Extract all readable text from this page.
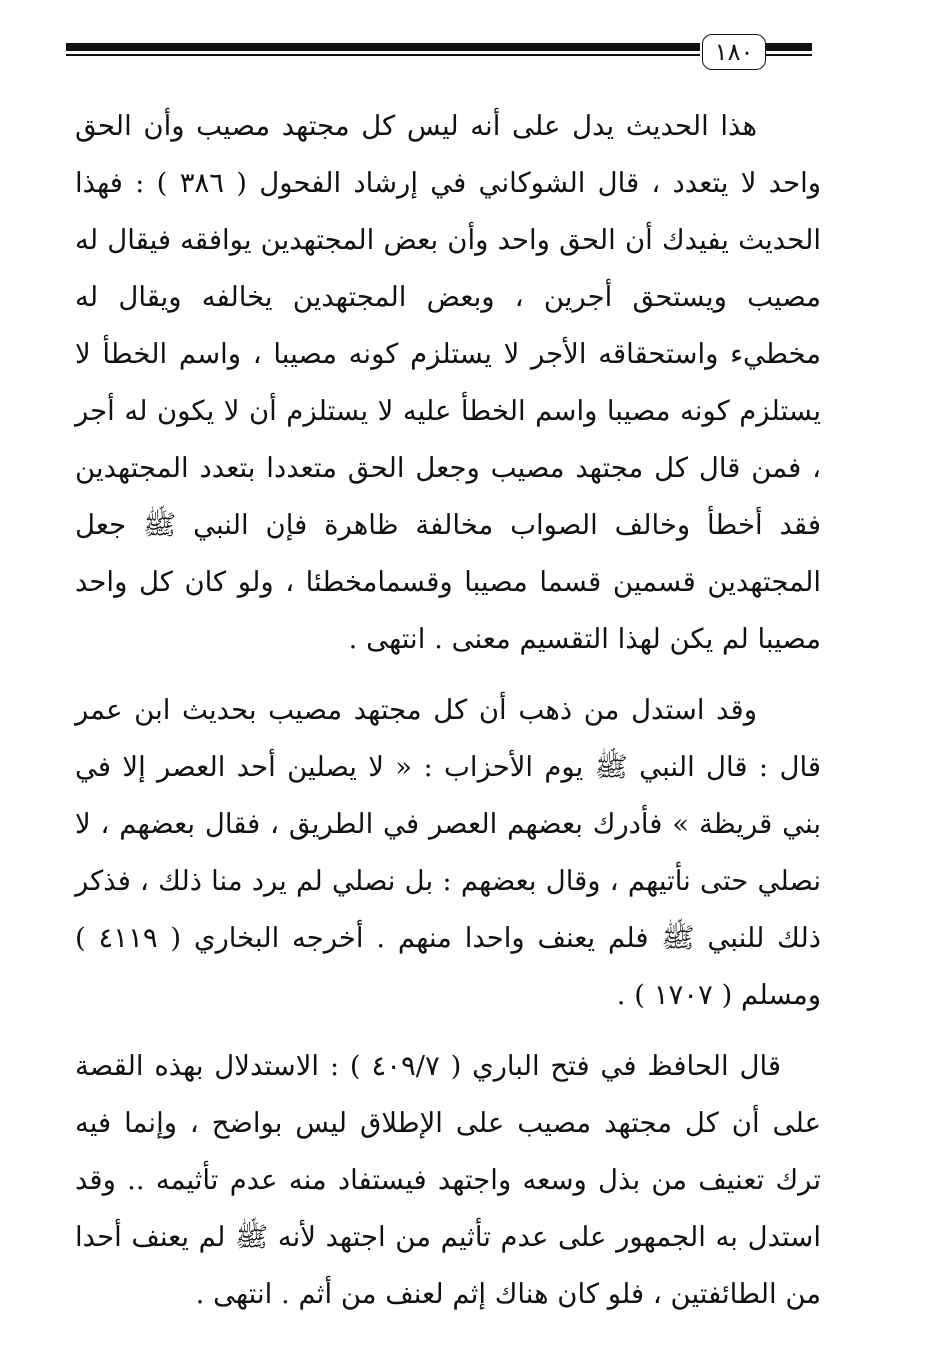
١٨٠

هذا الحديث يدل على أنه ليس كل مجتهد مصيب وأن الحق واحد لا يتعدد ، قال الشوكاني في إرشاد الفحول ( ٣٨٦ ) : فهذا الحديث يفيدك أن الحق واحد وأن بعض المجتهدين يوافقه فيقال له مصيب ويستحق أجرين ، وبعض المجتهدين يخالفه ويقال له مخطيء واستحقاقه الأجر لا يستلزم كونه مصيبا ، واسم الخطأ لا يستلزم كونه مصيبا واسم الخطأ عليه لا يستلزم أن لا يكون له أجر ، فمن قال كل مجتهد مصيب وجعل الحق متعددا بتعدد المجتهدين فقد أخطأ وخالف الصواب مخالفة ظاهرة فإن النبي ﷺ جعل المجتهدين قسمين قسما مصيبا وقسمامخطئا ، ولو كان كل واحد مصيبا لم يكن لهذا التقسيم معنى . انتهى .

وقد استدل من ذهب أن كل مجتهد مصيب بحديث ابن عمر قال : قال النبي ﷺ يوم الأحزاب : « لا يصلين أحد العصر إلا في بني قريظة » فأدرك بعضهم العصر في الطريق ، فقال بعضهم ، لا نصلي حتى نأتيهم ، وقال بعضهم : بل نصلي لم يرد منا ذلك ، فذكر ذلك للنبي ﷺ فلم يعنف واحدا منهم . أخرجه البخاري ( ٤١١٩ ) ومسلم ( ١٧٠٧ ) .

قال الحافظ في فتح الباري ( ٤٠٩/٧ ) : الاستدلال بهذه القصة على أن كل مجتهد مصيب على الإطلاق ليس بواضح ، وإنما فيه ترك تعنيف من بذل وسعه واجتهد فيستفاد منه عدم تأثيمه .. وقد استدل به الجمهور على عدم تأثيم من اجتهد لأنه ﷺ لم يعنف أحدا من الطائفتين ، فلو كان هناك إثم لعنف من أثم . انتهى .
